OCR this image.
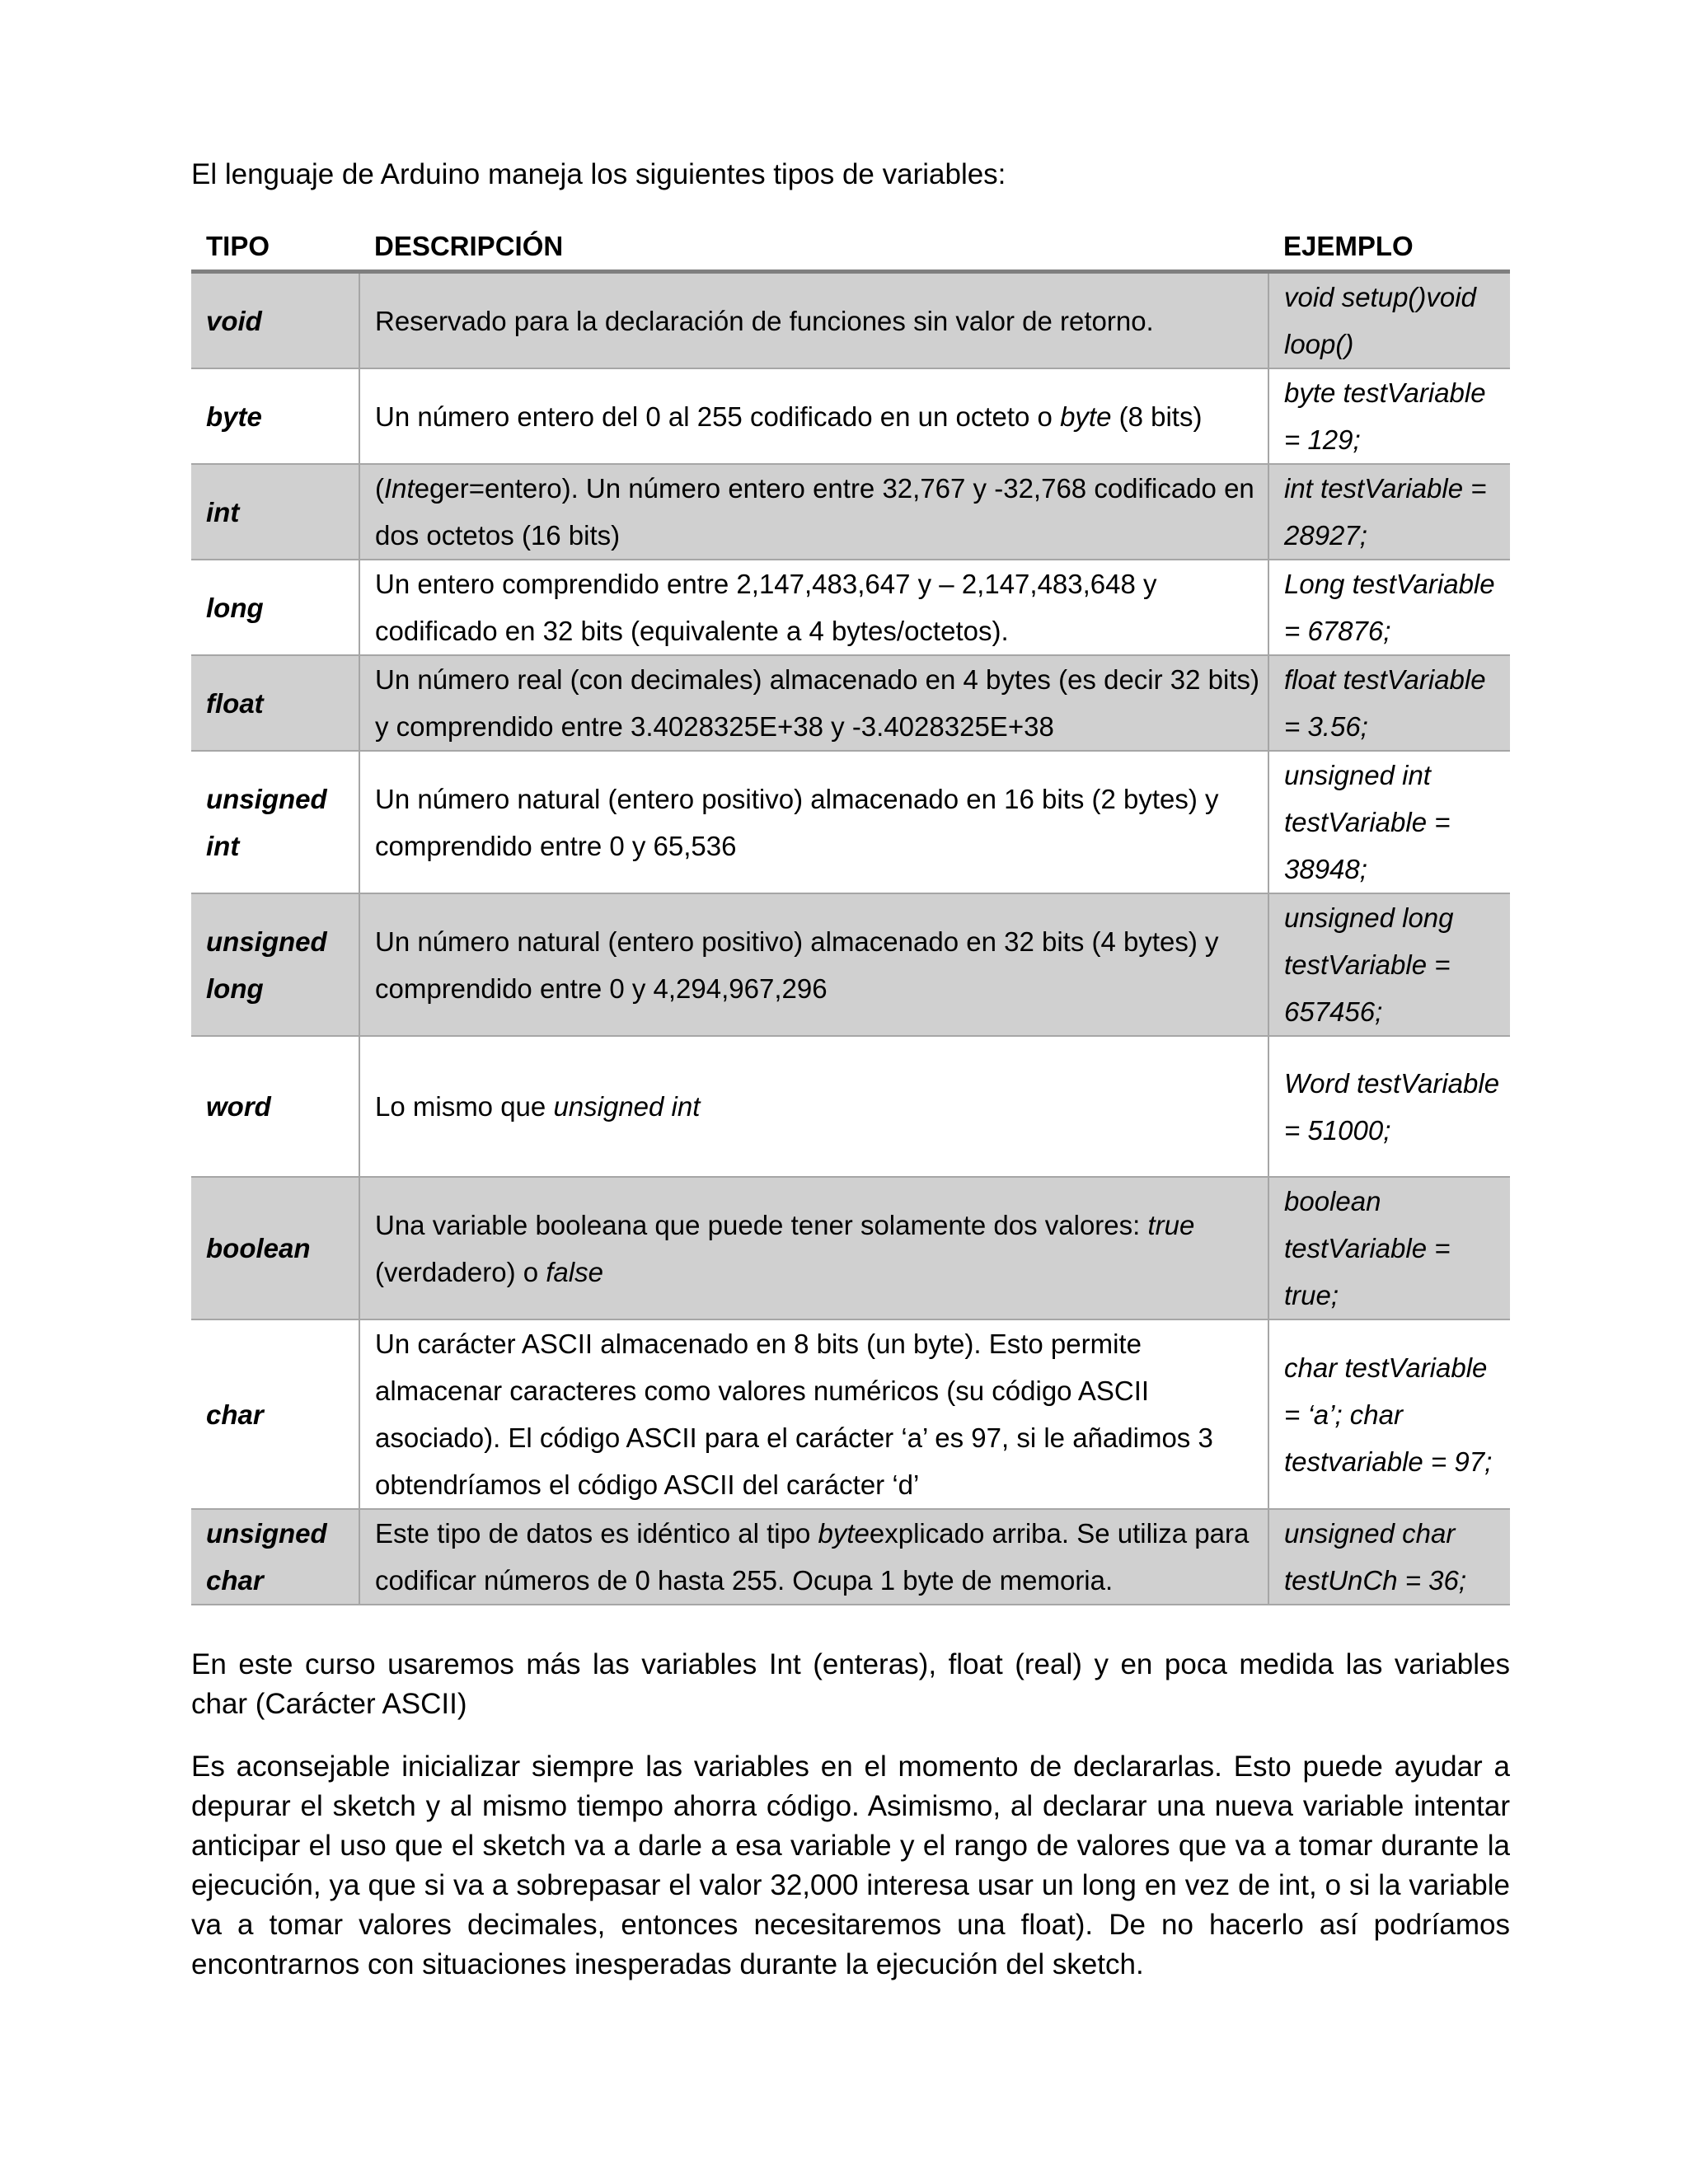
El lenguaje de Arduino maneja los siguientes tipos de variables:

TIPO	DESCRIPCIÓN	EJEMPLO
void	Reservado para la declaración de funciones sin valor de retorno.	void setup()void loop()
byte	Un número entero del 0 al 255 codificado en un octeto o byte (8 bits)	byte testVariable = 129;
int	(Integer=entero). Un número entero entre 32,767 y -32,768 codificado en dos octetos (16 bits)	int testVariable = 28927;
long	Un entero comprendido entre 2,147,483,647 y – 2,147,483,648 y codificado en 32 bits (equivalente a 4 bytes/octetos).	Long testVariable = 67876;
float	Un número real (con decimales) almacenado en 4 bytes (es decir 32 bits) y comprendido entre 3.4028325E+38 y -3.4028325E+38	float testVariable = 3.56;
unsigned int	Un número natural (entero positivo) almacenado en 16 bits (2 bytes) y comprendido entre 0 y 65,536	unsigned int testVariable = 38948;
unsigned long	Un número natural (entero positivo) almacenado en 32 bits (4 bytes) y comprendido entre 0 y 4,294,967,296	unsigned long testVariable = 657456;
word	Lo mismo que unsigned int	Word testVariable = 51000;
boolean	Una variable booleana que puede tener solamente dos valores: true (verdadero) o false	boolean testVariable = true;
char	Un carácter ASCII almacenado en 8 bits (un byte). Esto permite almacenar caracteres como valores numéricos (su código ASCII asociado). El código ASCII para el carácter ‘a’ es 97, si le añadimos 3 obtendríamos el código ASCII del carácter ‘d’	char testVariable = ‘a’; char testvariable = 97;
unsigned char	Este tipo de datos es idéntico al tipo byteexplicado arriba. Se utiliza para codificar números de 0 hasta 255. Ocupa 1 byte de memoria.	unsigned char testUnCh = 36;

En este curso usaremos más las variables Int (enteras), float (real) y en poca medida las variables char (Carácter ASCII)

Es aconsejable inicializar siempre las variables en el momento de declararlas. Esto puede ayudar a depurar el sketch y al mismo tiempo ahorra código. Asimismo, al declarar una nueva variable intentar anticipar el uso que el sketch va a darle a esa variable y el rango de valores que va a tomar durante la ejecución, ya que si va a sobrepasar el valor 32,000 interesa usar un long en vez de int, o si la variable va a tomar valores decimales, entonces necesitaremos una float). De no hacerlo así podríamos encontrarnos con situaciones inesperadas durante la ejecución del sketch.
